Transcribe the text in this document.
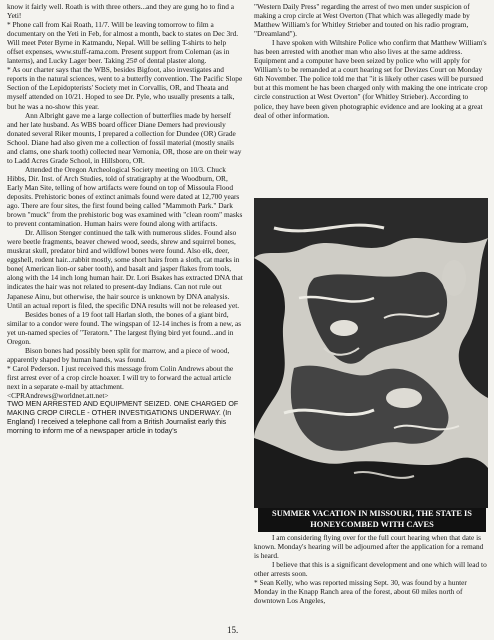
know it fairly well. Roath is with three others...and they are gung ho to find a Yeti!

* Phone call from Kai Roath, 11/7. Will be leaving tomorrow to film a documentary on the Yeti in Feb, for almost a month, back to states on Dec 3rd. Will meet Peter Byrne in Katmandu, Nepal. Will be selling T-shirts to help offset expenses, www.stuff-rama.com. Present support from Coleman (as in lanterns), and Lucky Lager beer. Taking 25# of dental plaster along.

* As our charter says that the WBS, besides Bigfoot, also investigates and reports in the natural sciences, went to a butterfly convention. The Pacific Slope Section of the Lepidopterists' Society met in Corvallis, OR, and Theata and myself attended on 10/21. Hoped to see Dr. Pyle, who usually presents a talk, but he was a no-show this year.

Ann Albright gave me a large collection of butterflies made by herself and her late husband. As WBS board officer Diane Demers had previously donated several Riker mounts, I prepared a collection for Dundee (OR) Grade School. Diane had also given me a collection of fossil material (mostly snails and clams, one shark tooth) collected near Vernonia, OR, those are on their way to Ladd Acres Grade School, in Hillsboro, OR.

Attended the Oregon Archeological Society meeting on 10/3. Chuck Hibbs, Dir. Inst. of Arch Studies, told of stratigraphy at the Woodburn, OR, Early Man Site, telling of how artifacts were found on top of Missoula Flood deposits. Prehistoric bones of extinct animals found were dated at 12,700 years ago. There are four sites, the first found being called "Mammoth Park." Dark brown "muck" from the prehistoric bog was examined with "clean room" masks to prevent contamination. Human hairs were found along with artifacts.

Dr. Allison Stenger continued the talk with numerous slides. Found also were beetle fragments, beaver chewed wood, seeds, shrew and squirrel bones, muskrat skull, predator bird and wildfowl bones were found. Also elk, deer, eggshell, rodent hair...rabbit mostly, some short hairs from a sloth, cat marks in bone( American lion-or saber tooth), and basalt and jasper flakes from tools, along with the 14 inch long human hair. Dr. Lori Bsakes has extracted DNA that indicates the hair was not related to present-day Indians. Can not rule out Japanese Ainu, but otherwise, the hair source is unknown by DNA analysis. Until an actual report is filed, the specific DNA results will not be released yet.

Besides bones of a 19 foot tall Harlan sloth, the bones of a giant bird, similar to a condor were found. The wingspan of 12-14 inches is from a new, as yet un-named species of "Teratorn." The largest flying bird yet found...and in Oregon.

Bison bones had possibly been split for marrow, and a piece of wood, apparently shaped by human hands, was found.

* Carol Pederson. I just received this message from Colin Andrews about the first arrest ever of a crop circle hoaxer. I will try to forward the actual article next in a separate e-mail by attachment.

<CPRAndrews@worldnet.att.net>

TWO MEN ARRESTED AND EQUIPMENT SEIZED. ONE CHARGED OF MAKING CROP CIRCLE - OTHER INVESTIGATIONS UNDERWAY. (In England) I received a telephone call from a British Journalist early this morning to inform me of a newspaper article in today's

"Western Daily Press" regarding the arrest of two men under suspicion of making a crop circle at West Overton (That which was allegedly made by Matthew William's for Whitley Strieber and touted on his radio program, "Dreamland").

I have spoken with Wiltshire Police who confirm that Matthew William's has been arrested with another man who also lives at the same address. Equipment and a computer have been seized by police who will apply for William's to be remanded at a court hearing set for Devizes Court on Monday 6th November. The police told me that "it is likely other cases will be pursued but at this moment he has been charged only with making the one intricate crop circle construction at West Overton" (for Whitley Strieber). According to police, they have been given photographic evidence and are looking at a great deal of other information.

SUMMER VACATION IN MISSOURI, THE STATE IS HONEYCOMBED WITH CAVES

I am considering flying over for the full court hearing when that date is known. Monday's hearing will be adjourned after the application for a remand is heard.

I believe that this is a significant development and one which will lead to other arrests soon.

* Sean Kelly, who was reported missing Sept. 30, was found by a hunter Monday in the Knapp Ranch area of the forest, about 60 miles north of downtown Los Angeles,

15.
